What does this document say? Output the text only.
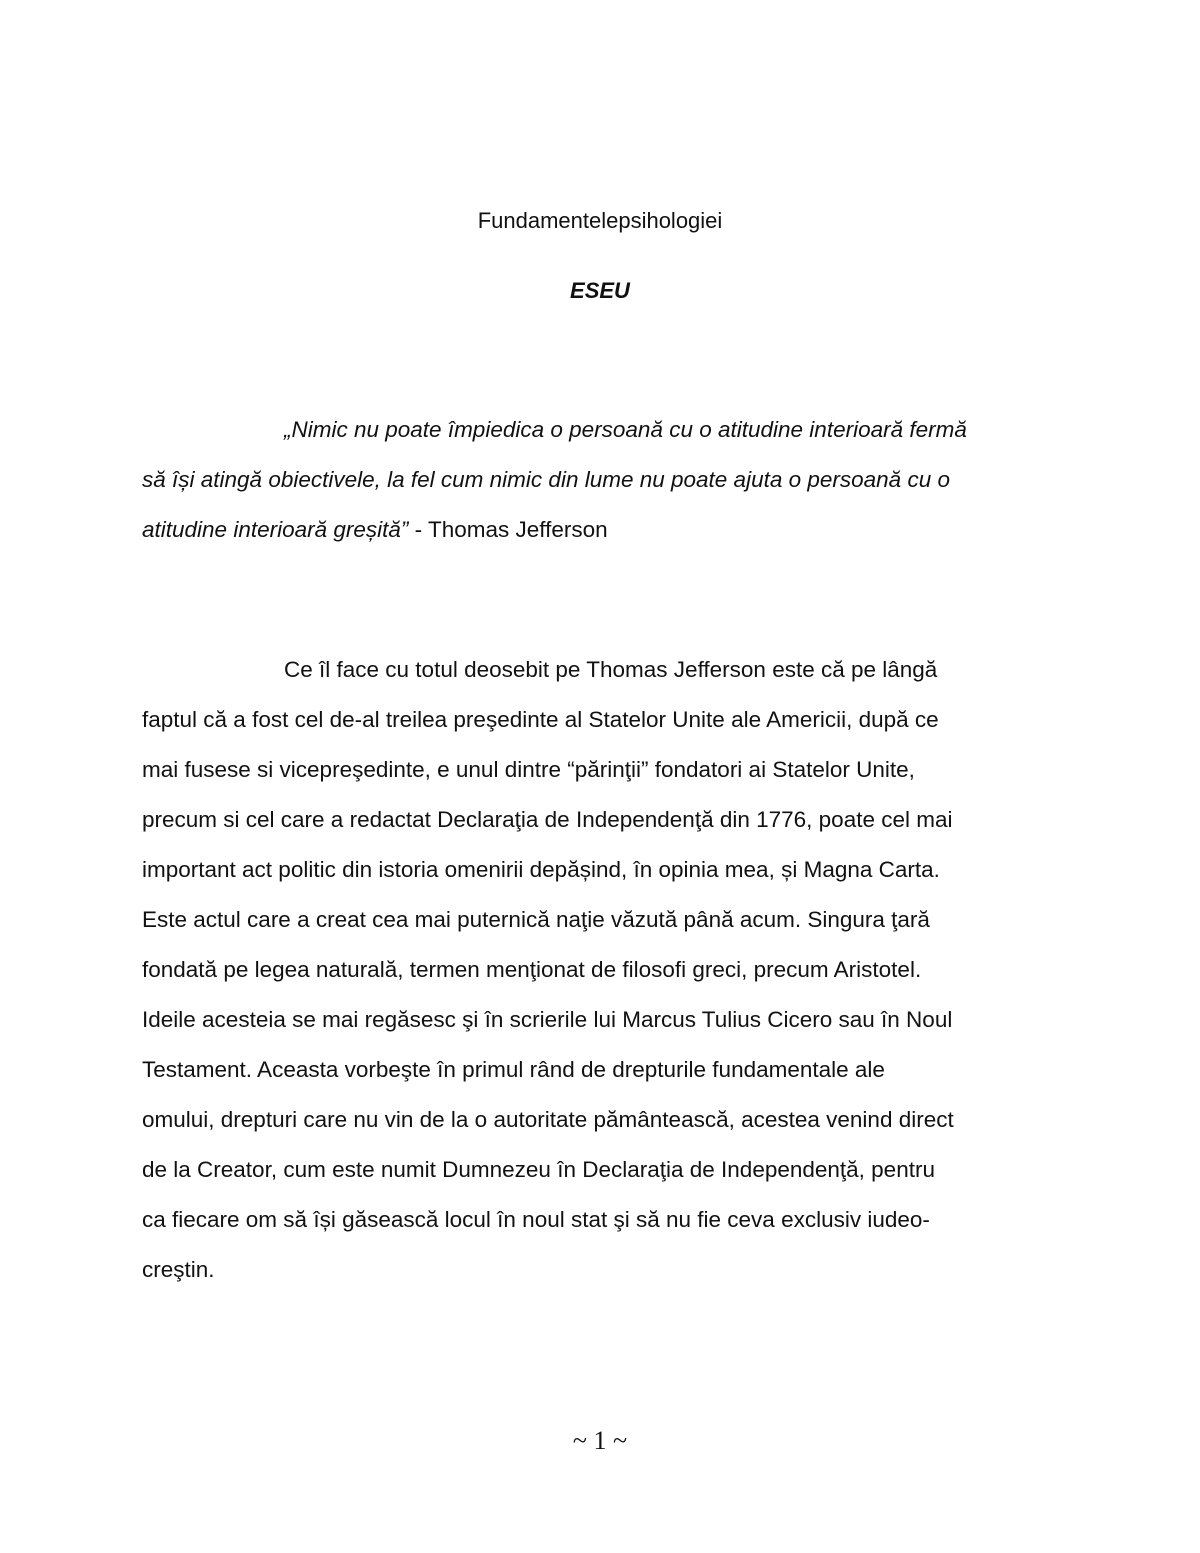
Fundamentelepsihologiei
ESEU
„Nimic nu poate împiedica o persoană cu o atitudine interioară fermă
să își atingă obiectivele, la fel cum nimic din lume nu poate ajuta o persoană cu o
atitudine interioară greșită” - Thomas Jefferson
Ce îl face cu totul deosebit pe Thomas Jefferson este că pe lângă
faptul că a fost cel de-al treilea preşedinte al Statelor Unite ale Americii, după ce
mai fusese si vicepreşedinte, e unul dintre “părinţii” fondatori ai Statelor Unite,
precum si cel care a redactat Declaraţia de Independenţă din 1776, poate cel mai
important act politic din istoria omenirii depășind, în opinia mea, și Magna Carta.
Este actul care a creat cea mai puternică naţie văzută până acum. Singura ţară
fondată pe legea naturală, termen menţionat de filosofi greci, precum Aristotel.
Ideile acesteia se mai regăsesc şi în scrierile lui Marcus Tulius Cicero sau în Noul
Testament. Aceasta vorbeşte în primul rând de drepturile fundamentale ale
omului, drepturi care nu vin de la o autoritate pământească, acestea venind direct
de la Creator, cum este numit Dumnezeu în Declaraţia de Independenţă, pentru
ca fiecare om să își găsească locul în noul stat şi să nu fie ceva exclusiv iudeo-
creştin.
~ 1 ~
